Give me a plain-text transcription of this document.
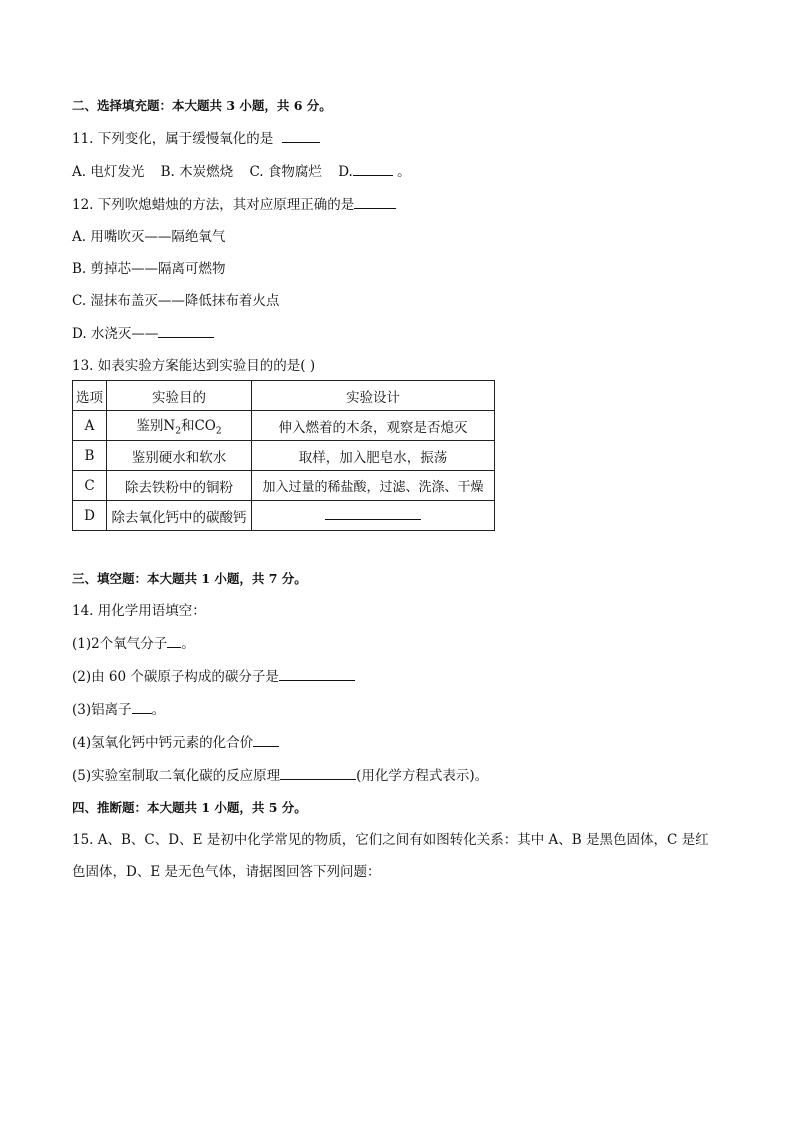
二、选择填充题：本大题共 3 小题，共 6 分。
11. 下列变化，属于缓慢氧化的是
A. 电灯发光 B. 木炭燃烧 C. 食物腐烂 D.	。
12. 下列吹熄蜡烛的方法，其对应原理正确的是
A. 用嘴吹灭——隔绝氧气
B. 剪掉芯——隔离可燃物
C. 湿抹布盖灭——降低抹布着火点
D. 水浇灭——
13. 如表实验方案能达到实验目的的是( )
选项	实验目的	实验设计
A	鉴别$N_2$和$CO_2$	伸入燃着的木条，观察是否熄灭
B	鉴别硬水和软水	取样，加入肥皂水，振荡
C	除去铁粉中的铜粉	加入过量的稀盐酸，过滤、洗涤、干燥
D	除去氧化钙中的碳酸钙	
三、填空题：本大题共 1 小题，共 7 分。
14. 用化学用语填空：
(1)2个氧气分子 。
(2)由 60 个碳原子构成的碳分子是
(3)铝离子 。
(4)氢氧化钙中钙元素的化合价
(5)实验室制取二氧化碳的反应原理	(用化学方程式表示)。
四、推断题：本大题共 1 小题，共 5 分。
15. A、B、C、D、E 是初中化学常见的物质，它们之间有如图转化关系：其中 A、B 是黑色固体，C 是红
色固体，D、E 是无色气体，请据图回答下列问题：
